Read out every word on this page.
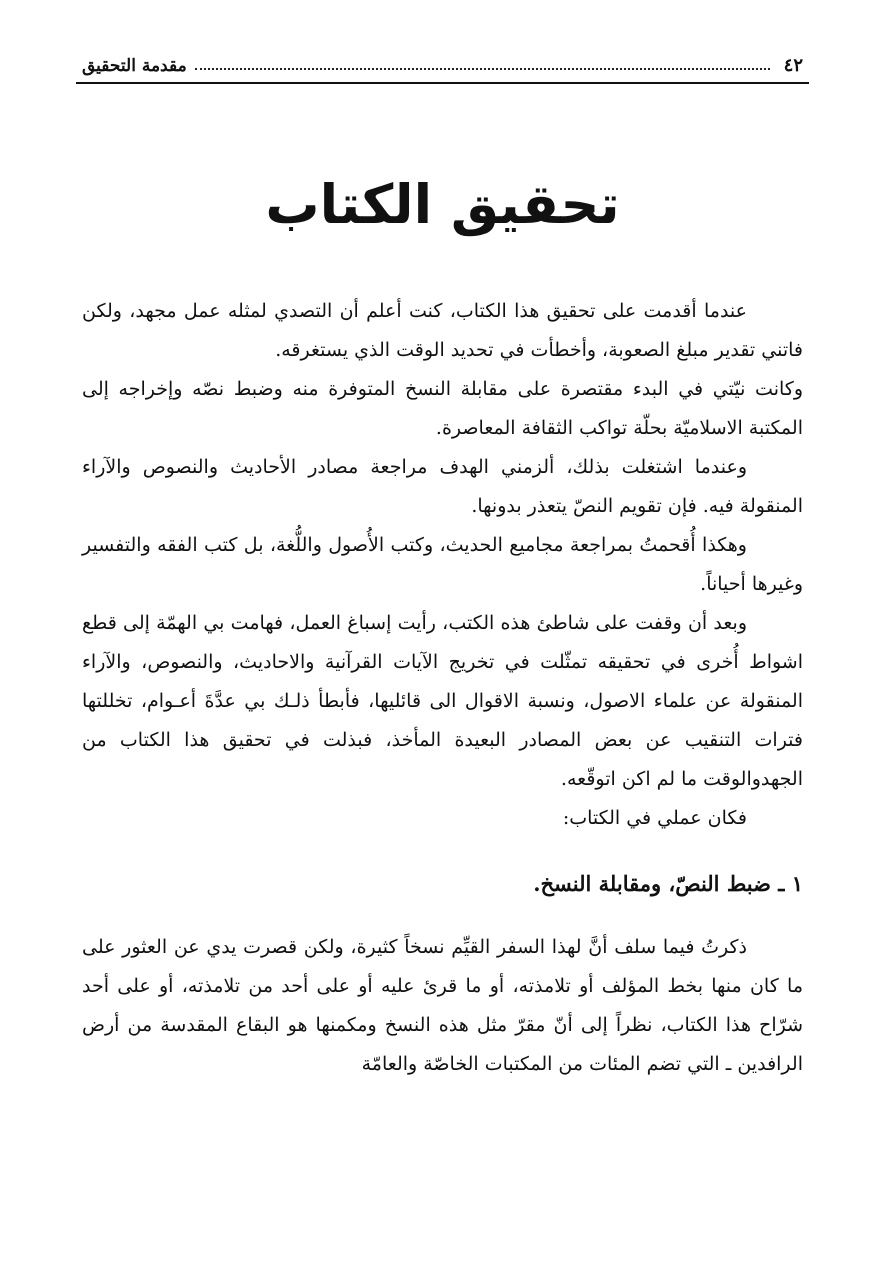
٤٢
مقدمة التحقيق
تحقيق الكتاب

عندما أقدمت على تحقيق هذا الكتاب، كنت أعلم أن التصدي لمثله عمل مجهد، ولكن فاتني تقدير مبلغ الصعوبة، وأخطأت في تحديد الوقت الذي يستغرقه.

وكانت نيّتي في البدء مقتصرة على مقابلة النسخ المتوفرة منه وضبط نصّه وإخراجه إلى المكتبة الاسلاميّة بحلّة تواكب الثقافة المعاصرة.

وعندما اشتغلت بذلك، ألزمني الهدف مراجعة مصادر الأحاديث والنصوص والآراء المنقولة فيه. فإن تقويم النصّ يتعذر بدونها.

وهكذا أُقحمتُ بمراجعة مجاميع الحديث، وكتب الأُصول واللُّغة، بل كتب الفقه والتفسير وغيرها أحياناً.

وبعد أن وقفت على شاطئ هذه الكتب، رأيت إسباغ العمل، فهامت بي الهمّة إلى قطع اشواط أُخرى في تحقيقه تمثّلت في تخريج الآيات القرآنية والاحاديث، والنصوص، والآراء المنقولة عن علماء الاصول، ونسبة الاقوال الى قائليها، فأبطأ ذلـك بي عدَّةَ أعـوام، تخللتها فترات التنقيب عن بعض المصادر البعيدة المأخذ، فبذلت في تحقيق هذا الكتاب من الجهدوالوقت ما لم اكن اتوقّعه.

فكان عملي في الكتاب:

١ ـ ضبط النصّ، ومقابلة النسخ.

ذكرتُ فيما سلف أنَّ لهذا السفر القيِّم نسخاً كثيرة، ولكن قصرت يدي عن العثور على ما كان منها بخط المؤلف أو تلامذته، أو ما قرئ عليه أو على أحد من تلامذته، أو على أحد شرّاح هذا الكتاب، نظراً إلى أنّ مقرّ مثل هذه النسخ ومكمنها هو البقاع المقدسة من أرض الرافدين ـ التي تضم المئات من المكتبات الخاصّة والعامّة
